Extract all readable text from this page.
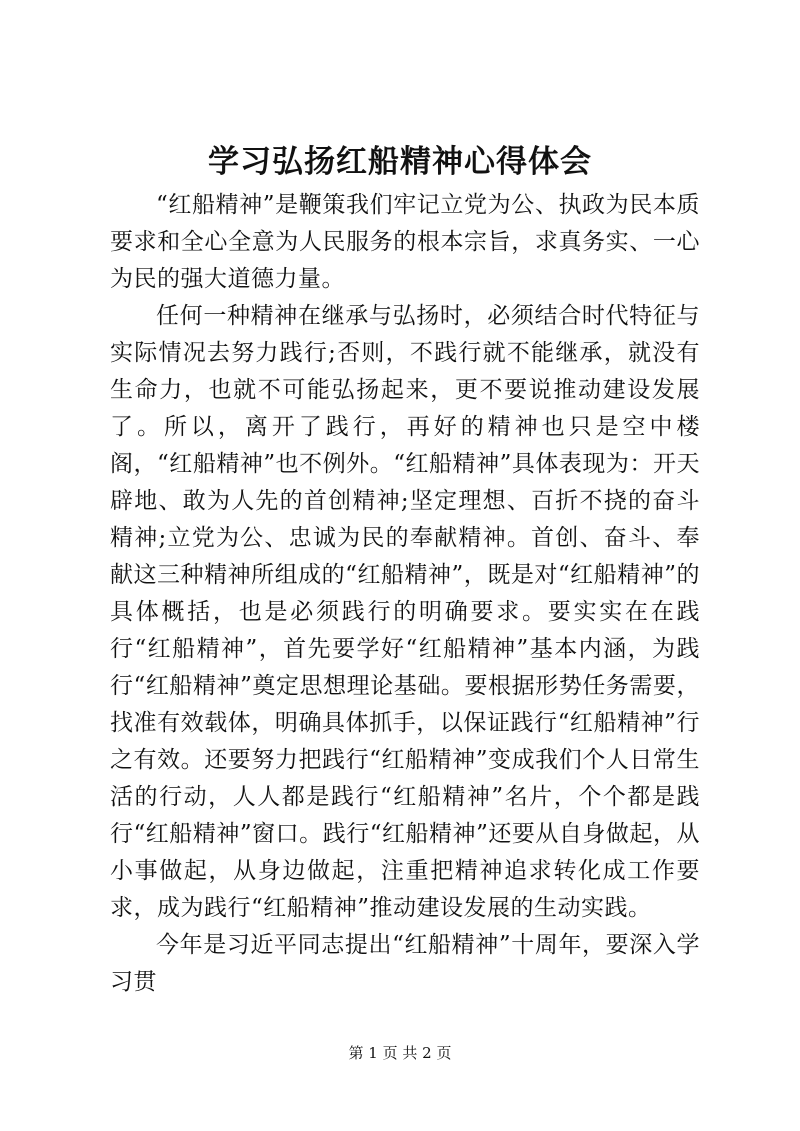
学习弘扬红船精神心得体会

“红船精神”是鞭策我们牢记立党为公、执政为民本质要求和全心全意为人民服务的根本宗旨，求真务实、一心为民的强大道德力量。

任何一种精神在继承与弘扬时，必须结合时代特征与实际情况去努力践行;否则，不践行就不能继承，就没有生命力，也就不可能弘扬起来，更不要说推动建设发展了。所以，离开了践行，再好的精神也只是空中楼阁，“红船精神”也不例外。“红船精神”具体表现为：开天辟地、敢为人先的首创精神;坚定理想、百折不挠的奋斗精神;立党为公、忠诚为民的奉献精神。首创、奋斗、奉献这三种精神所组成的“红船精神”，既是对“红船精神”的具体概括，也是必须践行的明确要求。要实实在在践行“红船精神”，首先要学好“红船精神”基本内涵，为践行“红船精神”奠定思想理论基础。要根据形势任务需要，找准有效载体，明确具体抓手，以保证践行“红船精神”行之有效。还要努力把践行“红船精神”变成我们个人日常生活的行动，人人都是践行“红船精神”名片，个个都是践行“红船精神”窗口。践行“红船精神”还要从自身做起，从小事做起，从身边做起，注重把精神追求转化成工作要求，成为践行“红船精神”推动建设发展的生动实践。

今年是习近平同志提出“红船精神”十周年，要深入学习贯

第 1 页 共 2 页
